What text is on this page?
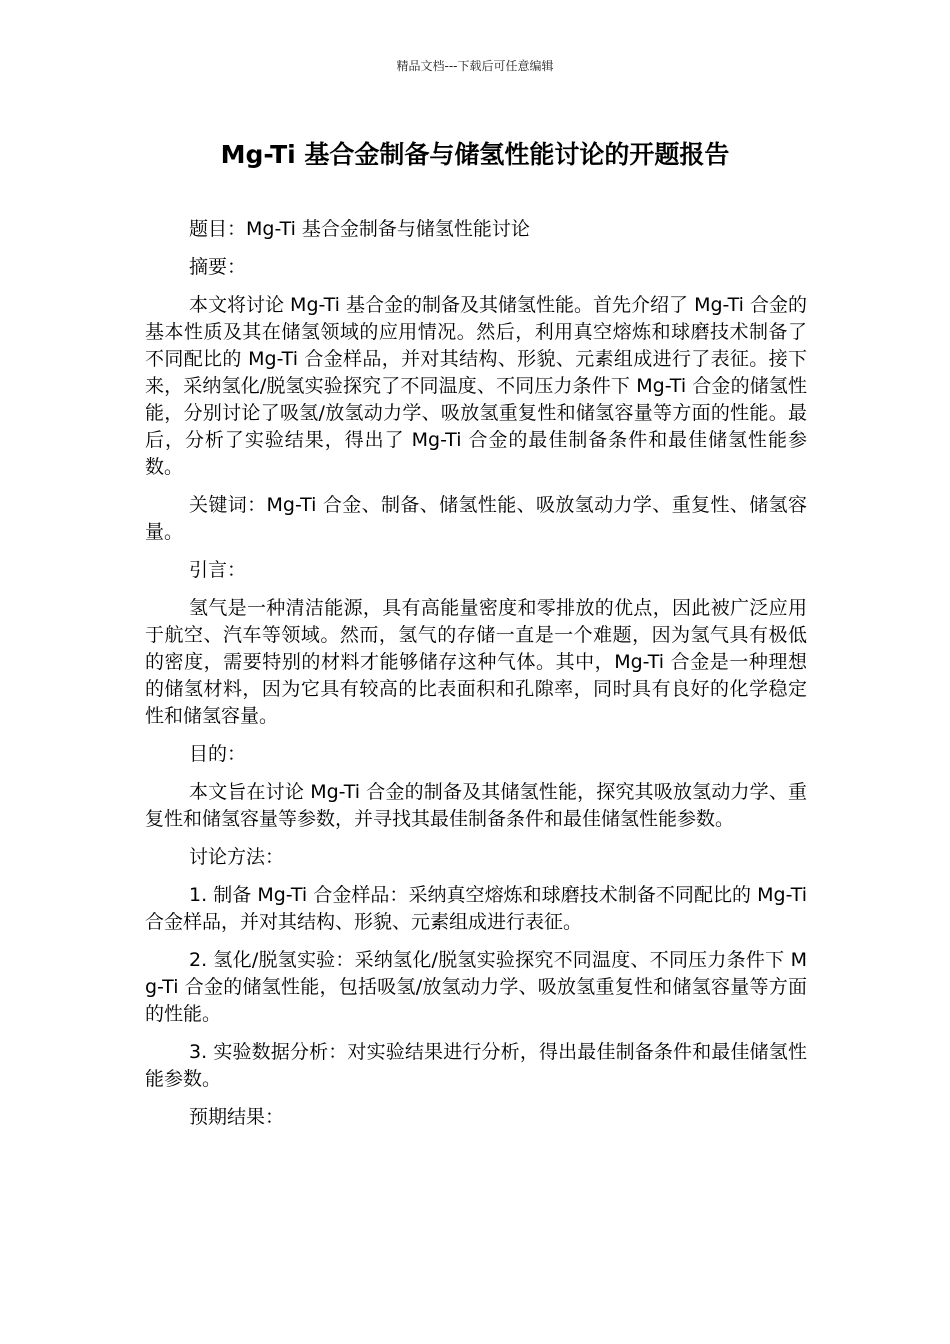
精品文档---下载后可任意编辑
Mg-Ti 基合金制备与储氢性能讨论的开题报告

题目：Mg-Ti 基合金制备与储氢性能讨论

摘要：

本文将讨论 Mg-Ti 基合金的制备及其储氢性能。首先介绍了 Mg-Ti 合金的基本性质及其在储氢领域的应用情况。然后，利用真空熔炼和球磨技术制备了不同配比的 Mg-Ti 合金样品，并对其结构、形貌、元素组成进行了表征。接下来，采纳氢化/脱氢实验探究了不同温度、不同压力条件下 Mg-Ti 合金的储氢性能，分别讨论了吸氢/放氢动力学、吸放氢重复性和储氢容量等方面的性能。最后，分析了实验结果，得出了 Mg-Ti 合金的最佳制备条件和最佳储氢性能参数。

关键词：Mg-Ti 合金、制备、储氢性能、吸放氢动力学、重复性、储氢容量。

引言：

氢气是一种清洁能源，具有高能量密度和零排放的优点，因此被广泛应用于航空、汽车等领域。然而，氢气的存储一直是一个难题，因为氢气具有极低的密度，需要特别的材料才能够储存这种气体。其中，Mg-Ti 合金是一种理想的储氢材料，因为它具有较高的比表面积和孔隙率，同时具有良好的化学稳定性和储氢容量。

目的：

本文旨在讨论 Mg-Ti 合金的制备及其储氢性能，探究其吸放氢动力学、重复性和储氢容量等参数，并寻找其最佳制备条件和最佳储氢性能参数。

讨论方法：

1. 制备 Mg-Ti 合金样品：采纳真空熔炼和球磨技术制备不同配比的 Mg-Ti 合金样品，并对其结构、形貌、元素组成进行表征。

2. 氢化/脱氢实验：采纳氢化/脱氢实验探究不同温度、不同压力条件下 Mg-Ti 合金的储氢性能，包括吸氢/放氢动力学、吸放氢重复性和储氢容量等方面的性能。

3. 实验数据分析：对实验结果进行分析，得出最佳制备条件和最佳储氢性能参数。

预期结果：
